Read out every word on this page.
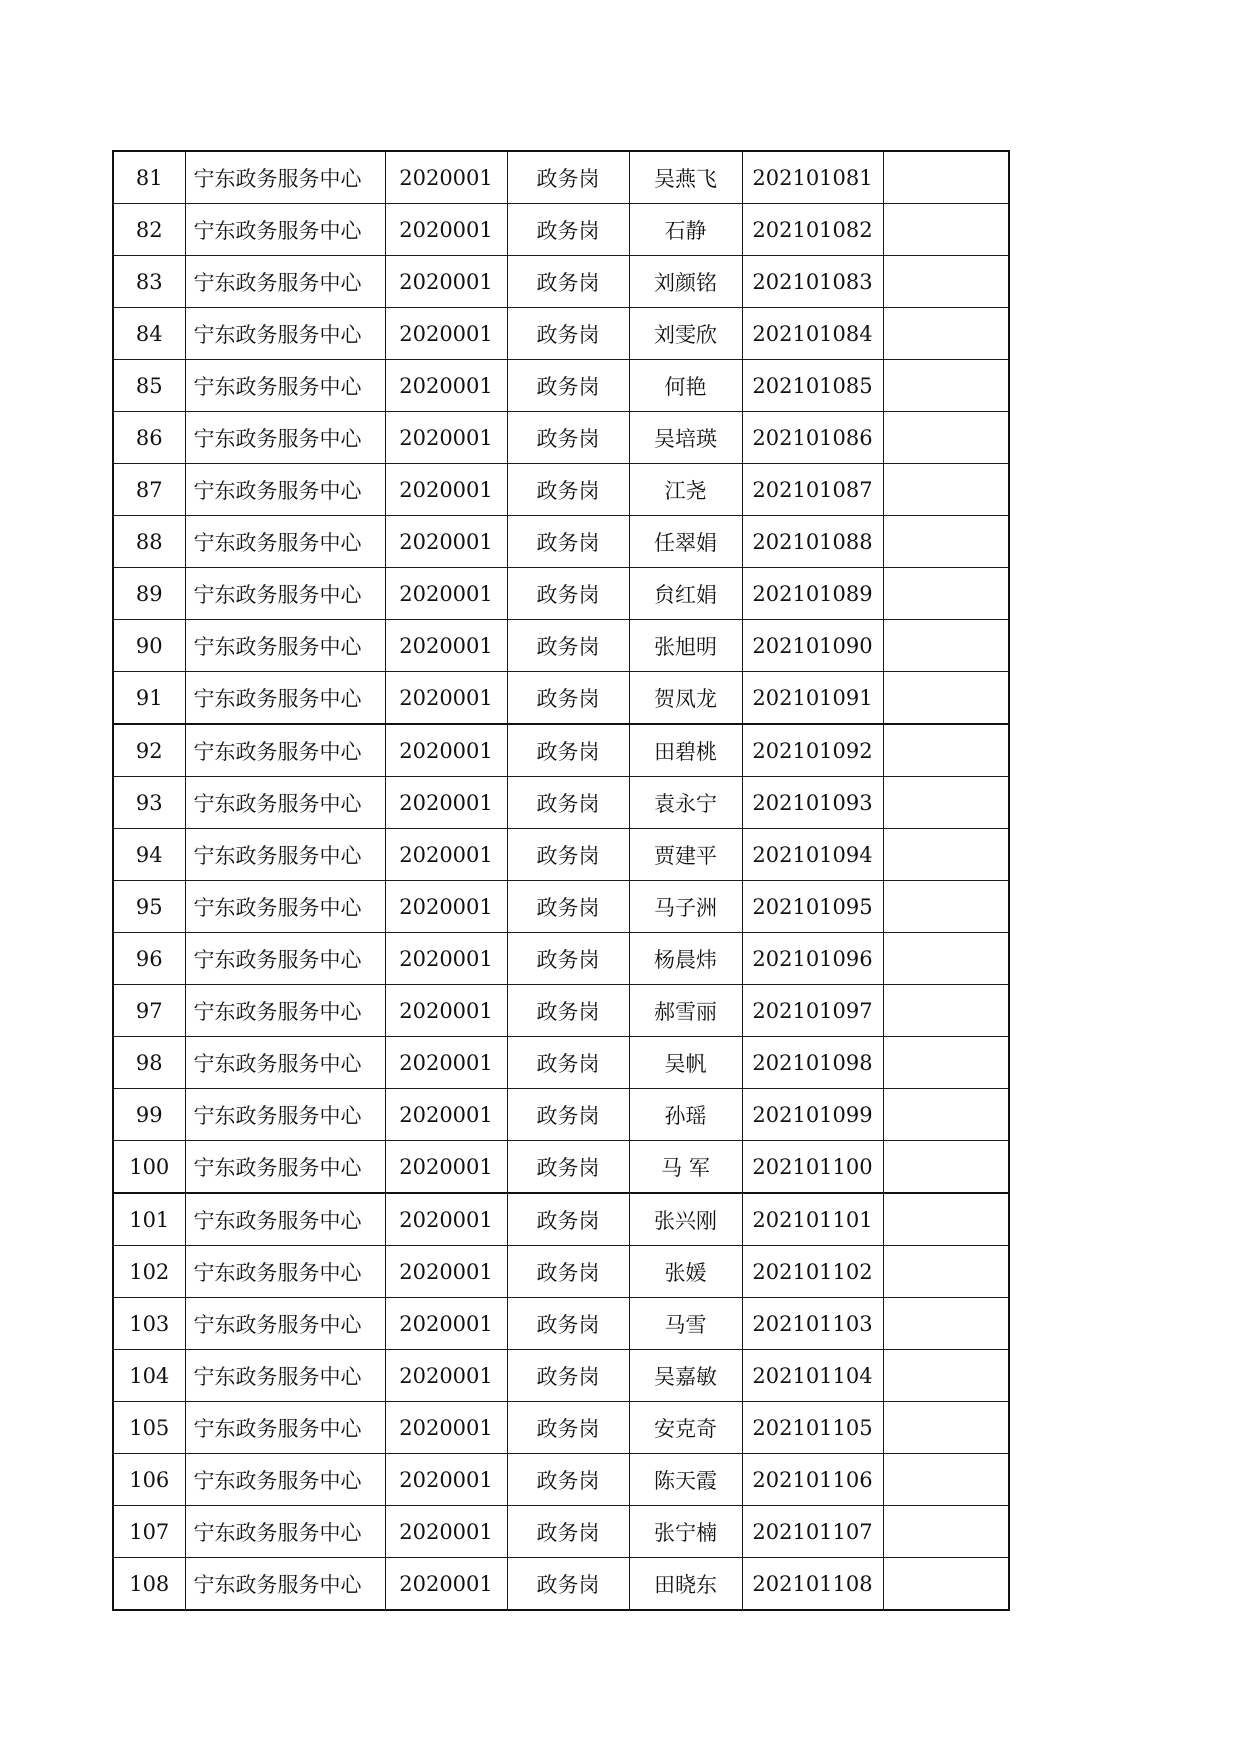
81	宁东政务服务中心	2020001	政务岗	吴燕飞	202101081	
82	宁东政务服务中心	2020001	政务岗	石静	202101082	
83	宁东政务服务中心	2020001	政务岗	刘颜铭	202101083	
84	宁东政务服务中心	2020001	政务岗	刘雯欣	202101084	
85	宁东政务服务中心	2020001	政务岗	何艳	202101085	
86	宁东政务服务中心	2020001	政务岗	吴培瑛	202101086	
87	宁东政务服务中心	2020001	政务岗	江尧	202101087	
88	宁东政务服务中心	2020001	政务岗	任翠娟	202101088	
89	宁东政务服务中心	2020001	政务岗	贠红娟	202101089	
90	宁东政务服务中心	2020001	政务岗	张旭明	202101090	
91	宁东政务服务中心	2020001	政务岗	贺凤龙	202101091	
92	宁东政务服务中心	2020001	政务岗	田碧桃	202101092	
93	宁东政务服务中心	2020001	政务岗	袁永宁	202101093	
94	宁东政务服务中心	2020001	政务岗	贾建平	202101094	
95	宁东政务服务中心	2020001	政务岗	马子洲	202101095	
96	宁东政务服务中心	2020001	政务岗	杨晨炜	202101096	
97	宁东政务服务中心	2020001	政务岗	郝雪丽	202101097	
98	宁东政务服务中心	2020001	政务岗	吴帆	202101098	
99	宁东政务服务中心	2020001	政务岗	孙瑶	202101099	
100	宁东政务服务中心	2020001	政务岗	马 军	202101100	
101	宁东政务服务中心	2020001	政务岗	张兴刚	202101101	
102	宁东政务服务中心	2020001	政务岗	张媛	202101102	
103	宁东政务服务中心	2020001	政务岗	马雪	202101103	
104	宁东政务服务中心	2020001	政务岗	吴嘉敏	202101104	
105	宁东政务服务中心	2020001	政务岗	安克奇	202101105	
106	宁东政务服务中心	2020001	政务岗	陈天霞	202101106	
107	宁东政务服务中心	2020001	政务岗	张宁楠	202101107	
108	宁东政务服务中心	2020001	政务岗	田晓东	202101108	
